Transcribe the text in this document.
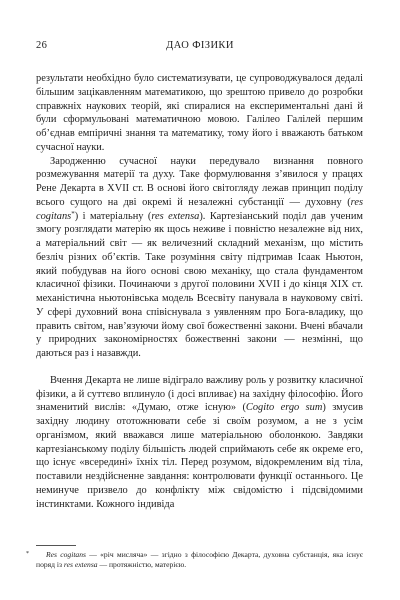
26	ДАО ФІЗИКИ

результати необхідно було систематизувати, це супроводжувалося дедалі більшим зацікавленням математикою, що зрештою привело до розробки справжніх наукових теорій, які спиралися на експериментальні дані й були сформульовані математичною мовою. Галілео Галілей першим об’єднав емпіричні знання та математику, тому його і вважають батьком сучасної науки.

Зародженню сучасної науки передувало визнання повного розмежування матерії та духу. Таке формулювання з’явилося у працях Рене Декарта в XVII ст. В основі його світогляду лежав принцип поділу всього сущого на дві окремі й незалежні субстанції — духовну (res cogitans*) і матеріальну (res extensa). Картезіанський поділ дав ученим змогу розглядати матерію як щось неживе і повністю незалежне від них, а матеріальний світ — як величезний складний механізм, що містить безліч різних об’єктів. Таке розуміння світу підтримав Ісаак Ньютон, який побудував на його основі свою механіку, що стала фундаментом класичної фізики. Починаючи з другої половини XVII і до кінця XIX ст. механістична ньютонівська модель Всесвіту панувала в науковому світі. У сфері духовний вона співіснувала з уявленням про Бога-владику, що править світом, нав’язуючи йому свої божественні закони. Вчені вбачали у природних закономірностях божественні закони — незмінні, що даються раз і назавжди.

Вчення Декарта не лише відіграло важливу роль у розвитку класичної фізики, а й суттєво вплинуло (і досі впливає) на західну філософію. Його знаменитий вислів: «Думаю, отже існую» (Cogito ergo sum) змусив західну людину ототожнювати себе зі своїм розумом, а не з усім організмом, який вважався лише матеріальною оболонкою. Завдяки картезіанському поділу більшість людей сприймають себе як окреме его, що існує «всередині» їхніх тіл. Перед розумом, відокремленим від тіла, поставили нездійсненне завдання: контролювати функції останнього. Це неминуче призвело до конфлікту між свідомістю і підсвідомими інстинктами. Кожного індивіда

* Res cogitans — «річ мисляча» — згідно з філософією Декарта, духовна субстанція, яка існує поряд із res extensa — протяжністю, матерією.
